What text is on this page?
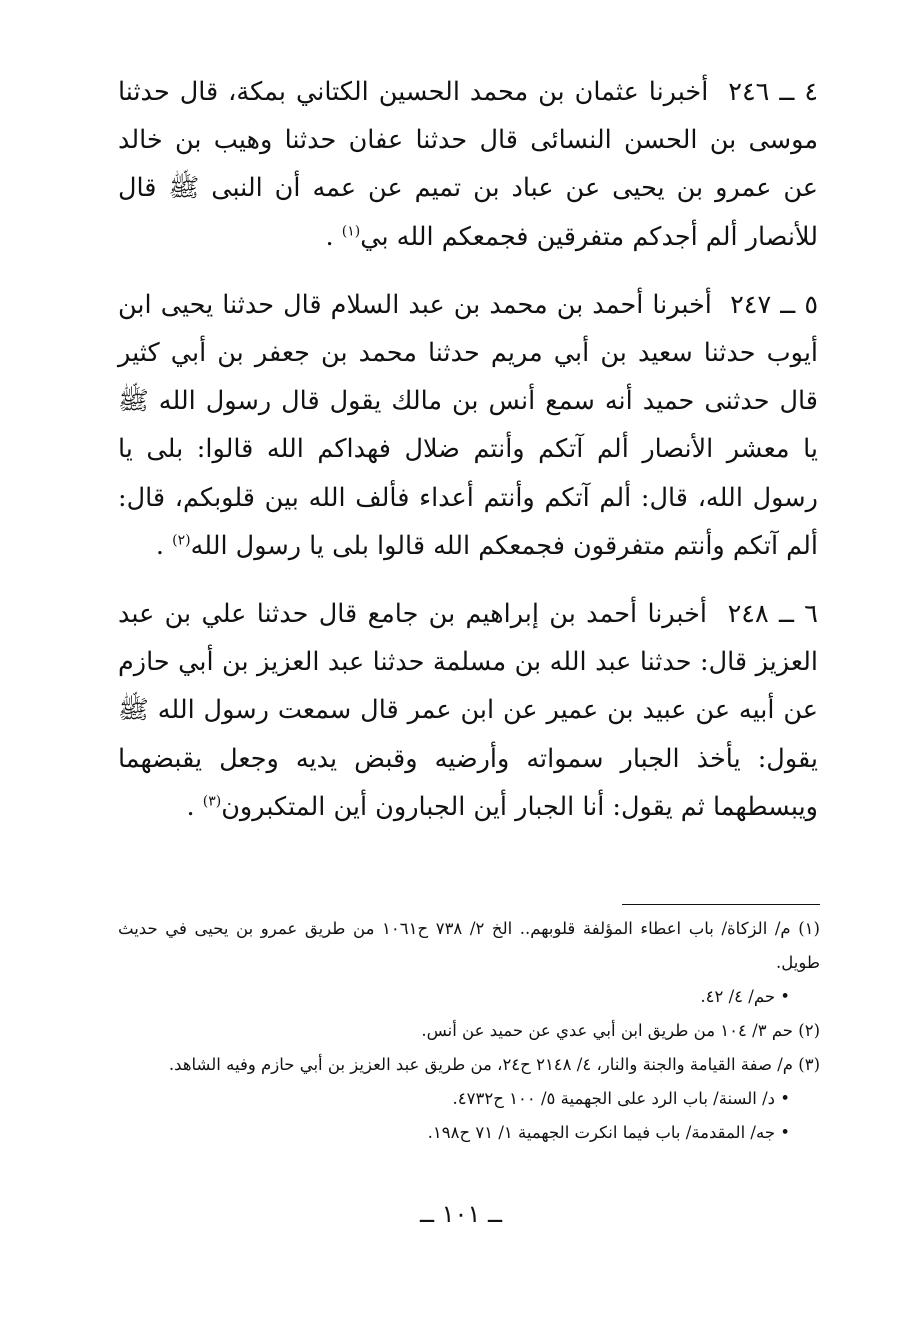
٤ ــ ٢٤٦  أخبرنا عثمان بن محمد الحسين الكتاني بمكة، قال حدثنا موسى بن الحسن النسائى قال حدثنا عفان حدثنا وهيب بن خالد عن عمرو بن يحيى عن عباد بن تميم عن عمه أن النبى ﷺ قال للأنصار ألم أجدكم متفرقين فجمعكم الله بي$^{(١)}$ .

٥ ــ ٢٤٧  أخبرنا أحمد بن محمد بن عبد السلام قال حدثنا يحيى ابن أيوب حدثنا سعيد بن أبي مريم حدثنا محمد بن جعفر بن أبي كثير قال حدثنى حميد أنه سمع أنس بن مالك يقول قال رسول الله ﷺ يا معشر الأنصار ألم آتكم وأنتم ضلال فهداكم الله قالوا: بلى يا رسول الله، قال: ألم آتكم وأنتم أعداء فألف الله بين قلوبكم، قال: ألم آتكم وأنتم متفرقون فجمعكم الله قالوا بلى يا رسول الله$^{(٢)}$ .

٦ ــ ٢٤٨  أخبرنا أحمد بن إبراهيم بن جامع قال حدثنا علي بن عبد العزيز قال: حدثنا عبد الله بن مسلمة حدثنا عبد العزيز بن أبي حازم عن أبيه عن عبيد بن عمير عن ابن عمر قال سمعت رسول الله ﷺ يقول: يأخذ الجبار سمواته وأرضيه وقبض يديه وجعل يقبضهما ويبسطهما ثم يقول: أنا الجبار أين الجبارون أين المتكبرون$^{(٣)}$ .

(١) م/ الزكاة/ باب اعطاء المؤلفة قلوبهم.. الخ ٢/ ٧٣٨ ح١٠٦١ من طريق عمرو بن يحيى في حديث طويل.

• حم/ ٤/ ٤٢.

(٢) حم ٣/ ١٠٤ من طريق ابن أبي عدي عن حميد عن أنس.

(٣) م/ صفة القيامة والجنة والنار، ٤/ ٢١٤٨ ح٢٤، من طريق عبد العزيز بن أبي حازم وفيه الشاهد.

• د/ السنة/ باب الرد على الجهمية ٥/ ١٠٠ ح٤٧٣٢.

• جه/ المقدمة/ باب فيما انكرت الجهمية ١/ ٧١ ح١٩٨.

ــ ١٠١ ــ
